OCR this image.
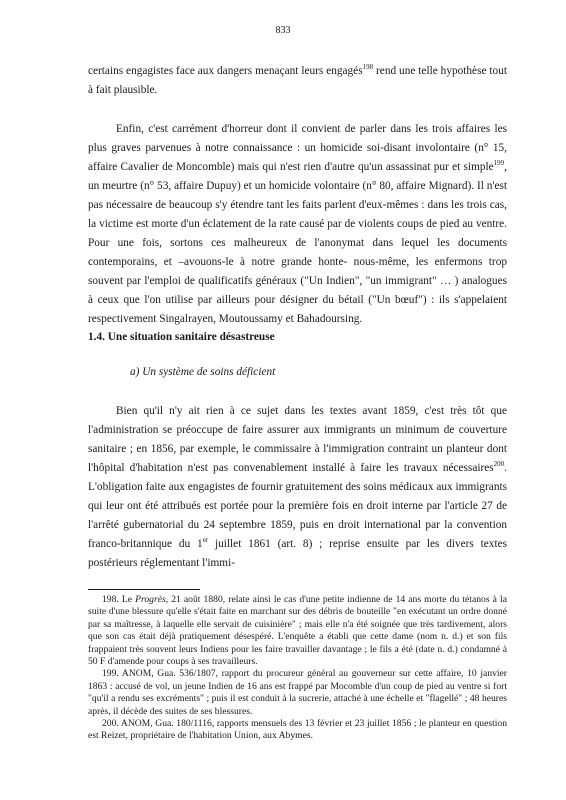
833

certains engagistes face aux dangers menaçant leurs engagés$^{198}$ rend une telle hypothèse tout à fait plausible.

Enfin, c'est carrément d'horreur dont il convient de parler dans les trois affaires les plus graves parvenues à notre connaissance : un homicide soi-disant involontaire (n° 15, affaire Cavalier de Moncomble) mais qui n'est rien d'autre qu'un assassinat pur et simple$^{199}$, un meurtre (n° 53, affaire Dupuy) et un homicide volontaire (n° 80, affaire Mignard). Il n'est pas nécessaire de beaucoup s'y étendre tant les faits parlent d'eux-mêmes : dans les trois cas, la victime est morte d'un éclatement de la rate causé par de violents coups de pied au ventre. Pour une fois, sortons ces malheureux de l'anonymat dans lequel les documents contemporains, et –avouons-le à notre grande honte- nous-même, les enfermons trop souvent par l'emploi de qualificatifs généraux ("Un Indien", "un immigrant" … ) analogues à ceux que l'on utilise par ailleurs pour désigner du bétail ("Un bœuf") : ils s'appelaient respectivement Singalrayen, Moutoussamy et Bahadoursing.

1.4. Une situation sanitaire désastreuse
a) Un système de soins déficient

Bien qu'il n'y ait rien à ce sujet dans les textes avant 1859, c'est très tôt que l'administration se préoccupe de faire assurer aux immigrants un minimum de couverture sanitaire ; en 1856, par exemple, le commissaire à l'immigration contraint un planteur dont l'hôpital d'habitation n'est pas convenablement installé à faire les travaux nécessaires$^{200}$. L'obligation faite aux engagistes de fournir gratuitement des soins médicaux aux immigrants qui leur ont été attribués est portée pour la première fois en droit interne par l'article 27 de l'arrêté gubernatorial du 24 septembre 1859, puis en droit international par la convention franco-britannique du 1er juillet 1861 (art. 8) ; reprise ensuite par les divers textes postérieurs réglementant l'immi-

198. Le Progrès, 21 août 1880, relate ainsi le cas d'une petite indienne de 14 ans morte du tétanos à la suite d'une blessure qu'elle s'était faite en marchant sur des débris de bouteille "en exécutant un ordre donné par sa maîtresse, à laquelle elle servait de cuisinière" ; mais elle n'a été soignée que très tardivement, alors que son cas était déjà pratiquement désespéré. L'enquête a établi que cette dame (nom n. d.) et son fils frappaient très souvent leurs Indiens pour les faire travailler davantage ; le fils a été (date n. d.) condamné à 50 F d'amende pour coups à ses travailleurs.

199. ANOM, Gua. 536/1807, rapport du procureur général au gouverneur sur cette affaire, 10 janvier 1863 : accusé de vol, un jeune Indien de 16 ans est frappé par Mocomble d'un coup de pied au ventre si fort "qu'il a rendu ses excréments" ; puis il est conduit à la sucrerie, attaché à une échelle et "flagellé" ; 48 heures après, il décède des suites de ses blessures.

200. ANOM, Gua. 180/1116, rapports mensuels des 13 février et 23 juillet 1856 ; le planteur en question est Reizet, propriétaire de l'habitation Union, aux Abymes.
